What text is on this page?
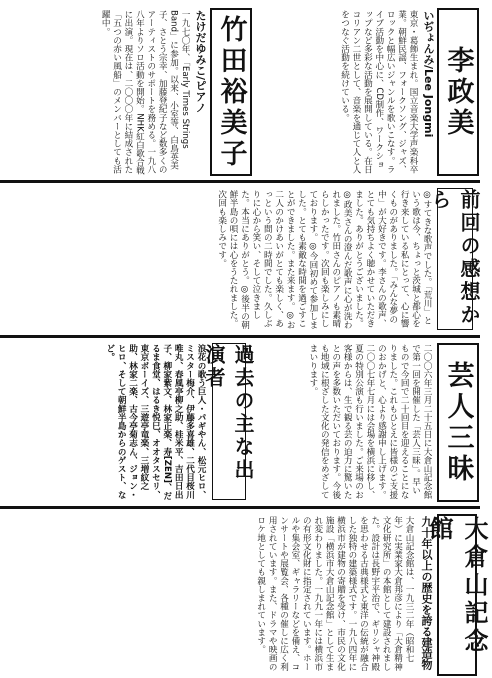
李政美
いぢょんみ/Lee Jongmi
東京・葛飾生まれ。国立音楽大学声楽科卒業。朝鮮民謡、フォークソング、ジャズ、ロックと幅広いジャンルを歌いこなす。ライブ活動を中心に、CD制作、ワークショップなど多彩な活動を展開している。在日コリアン二世として、音楽を通じて人と人をつなぐ活動を続けている。
竹田裕美子
たけだゆみこ/ピアノ
一九七〇年、「Early Times Strings Band」に参加。以来、小室等、白鳥英美子、さとう宗幸、加藤登紀子など数多くのアーティストのサポートを務める。一九八八年よりソロ活動を開始。NHK紅白歌合戦に出演。現在は、二〇〇〇年に結成された「五つの赤い風船」のメンバーとしても活躍中。
前回の感想から
◎すてきな歌声でした。「荒川」という歌は今、ちょっと茨城と都心を行き来している私にとって、心に響くものがありました。「みんな夢の中」が大好きです。李さんの歌声、とても気持ちよく聴かせていただきました。ありがとうございました。◎政美さんの澄んだ歌声に心が洗われました。竹田さんのピアノも素晴らしかったです。次回も楽しみにしております。◎今回初めて参加しました。とても素敵な時間を過ごすことができました。また来ます。◎お二人のかけあいがとても楽しく、あっという間の二時間でした。久しぶりに心から笑い、そして泣きました。本当にありがとう。◎後半の朝鮮半島の唄には心をうたれました。次回も楽しみです。
芸人三昧
二〇〇六年三月二十五日に大倉山記念館で第一回を開催した「芸人三昧」。早いもので今回で二十回目を迎えることになりました。これもひとえに皆様のご支援のおかげと、心より感謝申し上げます。二〇〇七年七月には会場を横浜に移し、夏の特別公演も行いました。ご来場のお客様からは、生で観る芸の迫力に驚いたとの声を多数いただいております。今後も地域に根ざした文化の発信をめざしてまいります。
過去の主な出演者
浪花の歌う巨人・パギやん、松元ヒロ、ミスター梅介、伊藤多喜雄、二代目桜川唯丸、春風亭柳之助、桂米平、吉田日出子、柳家紫文、林家正楽、寿[ZEN]、だるま食堂、はるき悦巳、オオタスセリ、東京ボーイズ、三遊亭竜楽、三増紋之助、林家二楽、古今亭菊志ん、ジョン・ヒロ、そして朝鮮半島からのゲスト、など。
大倉山記念館
九十年以上の歴史を誇る建造物
大倉山記念館は、一九三二年（昭和七年）に実業家大倉邦彦により「大倉精神文化研究所」の本館として建設されました。設計は長野宇平治で、ギリシャ神殿を思わせる古典様式と東洋の伝統が融合した独特の建築様式です。一九八四年に横浜市が建物の寄贈を受け、市民の文化施設「横浜市大倉山記念館」として生まれ変わりました。一九九一年には横浜市の有形文化財に指定されています。ホールや集会室、ギャラリーなどを備え、コンサートや展覧会、各種の催しに広く利用されています。また、ドラマや映画のロケ地としても親しまれています。
